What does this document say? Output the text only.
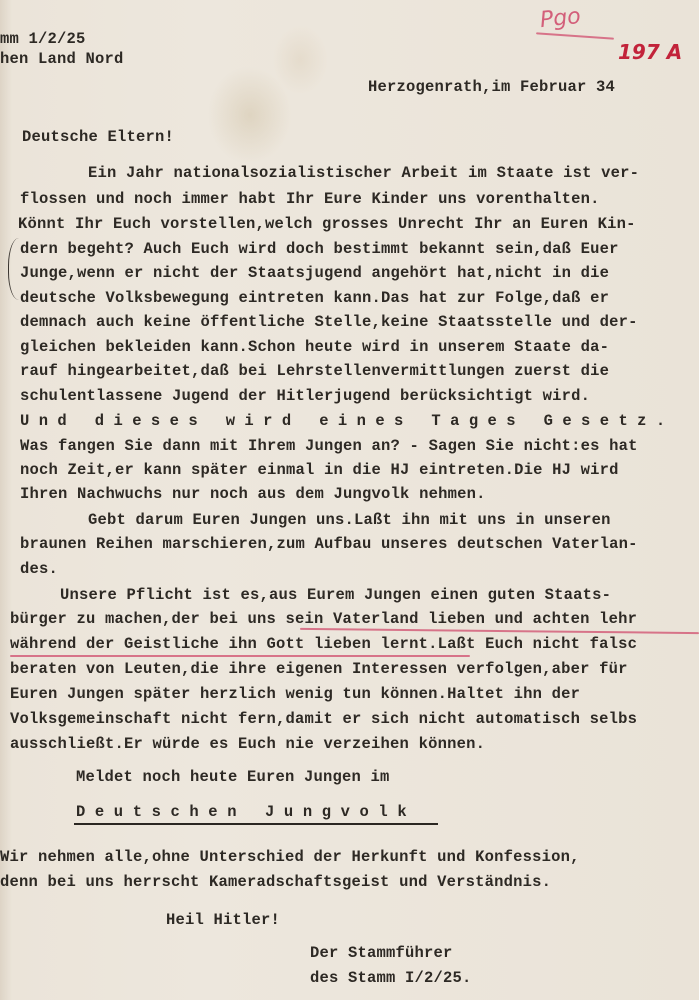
mm 1/2/25
hen Land Nord
Herzogenrath,im Februar 34
Pgo
197 A
Deutsche Eltern!
Ein Jahr nationalsozialistischer Arbeit im Staate ist ver-
flossen und noch immer habt Ihr Eure Kinder uns vorenthalten.
Könnt Ihr Euch vorstellen,welch grosses Unrecht Ihr an Euren Kin-
dern begeht? Auch Euch wird doch bestimmt bekannt sein,daß Euer
Junge,wenn er nicht der Staatsjugend angehört hat,nicht in die
deutsche Volksbewegung eintreten kann.Das hat zur Folge,daß er
demnach auch keine öffentliche Stelle,keine Staatsstelle und der-
gleichen bekleiden kann.Schon heute wird in unserem Staate da-
rauf hingearbeitet,daß bei Lehrstellenvermittlungen zuerst die
schulentlassene Jugend der Hitlerjugend berücksichtigt wird.
Und dieses wird eines Tages Gesetz.
Was fangen Sie dann mit Ihrem Jungen an? - Sagen Sie nicht:es hat
noch Zeit,er kann später einmal in die HJ eintreten.Die HJ wird
Ihren Nachwuchs nur noch aus dem Jungvolk nehmen.
Gebt darum Euren Jungen uns.Laßt ihn mit uns in unseren
braunen Reihen marschieren,zum Aufbau unseres deutschen Vaterlan-
des.
Unsere Pflicht ist es,aus Eurem Jungen einen guten Staats-
bürger zu machen,der bei uns sein Vaterland lieben und achten lehr
während der Geistliche ihn Gott lieben lernt.Laßt Euch nicht falsc
beraten von Leuten,die ihre eigenen Interessen verfolgen,aber für
Euren Jungen später herzlich wenig tun können.Haltet ihn der
Volksgemeinschaft nicht fern,damit er sich nicht automatisch selbs
ausschließt.Er würde es Euch nie verzeihen können.
Meldet noch heute Euren Jungen im
Deutschen Jungvolk
Wir nehmen alle,ohne Unterschied der Herkunft und Konfession,
denn bei uns herrscht Kameradschaftsgeist und Verständnis.
Heil Hitler!
Der Stammführer
des Stamm I/2/25.
